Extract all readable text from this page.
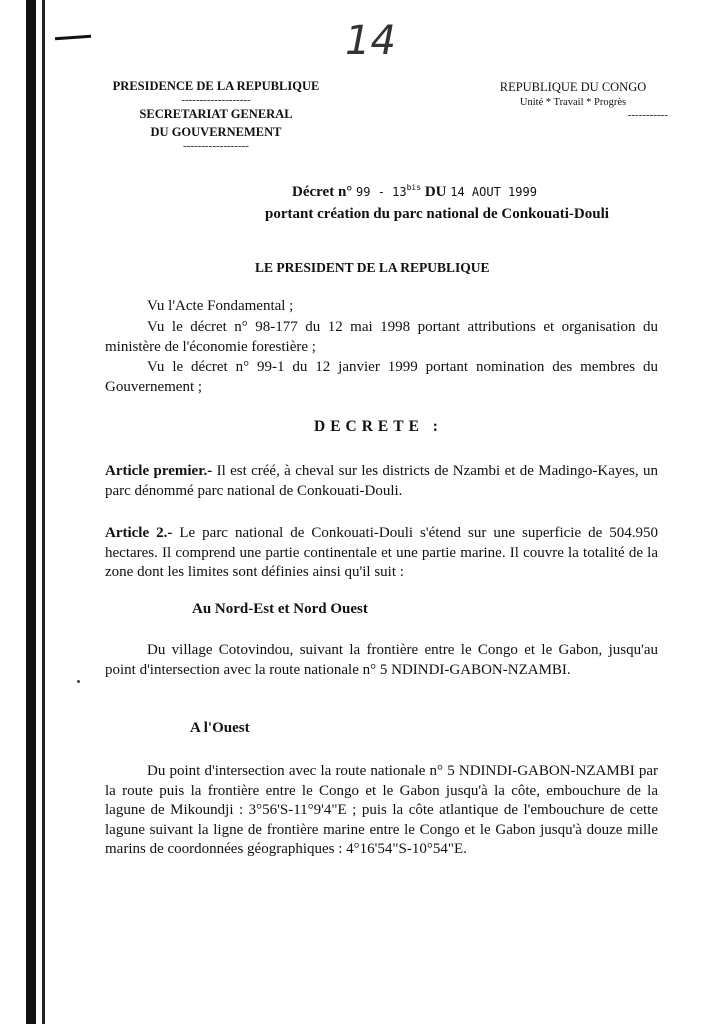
14
PRESIDENCE DE LA REPUBLIQUE
-------------------
SECRETARIAT GENERAL
DU GOUVERNEMENT
------------------
REPUBLIQUE DU CONGO
Unité * Travail * Progrès
-----------
Décret n° $99 - 13^{bis}$ DU 14 AOUT 1999
portant création du parc national de Conkouati-Douli
LE PRESIDENT DE LA REPUBLIQUE
Vu l'Acte Fondamental ;
Vu le décret n° 98-177 du 12 mai 1998 portant attributions et organisation du ministère de l'économie forestière ;
Vu le décret n° 99-1 du 12 janvier 1999 portant nomination des membres du Gouvernement ;
DECRETE :
Article premier.- Il est créé, à cheval sur les districts de Nzambi et de Madingo-Kayes, un parc dénommé parc national de Conkouati-Douli.
Article 2.- Le parc national de Conkouati-Douli s'étend sur une superficie de 504.950 hectares. Il comprend une partie continentale et une partie marine. Il couvre la totalité de la zone dont les limites sont définies ainsi qu'il suit :
Au Nord-Est et Nord Ouest
Du village Cotovindou, suivant la frontière entre le Congo et le Gabon, jusqu'au point d'intersection avec la route nationale n° 5 NDINDI-GABON-NZAMBI.
A l'Ouest
Du point d'intersection avec la route nationale n° 5 NDINDI-GABON-NZAMBI par la route puis la frontière entre le Congo et le Gabon jusqu'à la côte, embouchure de la lagune de Mikoundji : 3°56'S-11°9'4"E ; puis la côte atlantique de l'embouchure de cette lagune suivant la ligne de frontière marine entre le Congo et le Gabon jusqu'à douze mille marins de coordonnées géographiques : 4°16'54"S-10°54"E.
